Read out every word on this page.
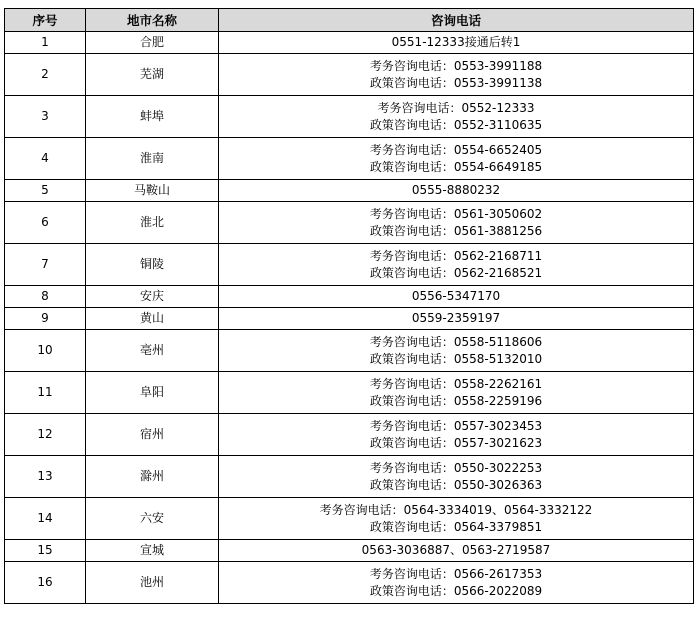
序号	地市名称	咨询电话
1	合肥	0551-12333接通后转1

2	芜湖	考务咨询电话：0553-3991188
政策咨询电话：0553-3991138

3	蚌埠	考务咨询电话：0552-12333
政策咨询电话：0552-3110635

4	淮南	考务咨询电话：0554-6652405
政策咨询电话：0554-6649185

5	马鞍山	0555-8880232

6	淮北	考务咨询电话：0561-3050602
政策咨询电话：0561-3881256

7	铜陵	考务咨询电话：0562-2168711
政策咨询电话：0562-2168521

8	安庆	0556-5347170

9	黄山	0559-2359197

10	亳州	考务咨询电话：0558-5118606
政策咨询电话：0558-5132010

11	阜阳	考务咨询电话：0558-2262161
政策咨询电话：0558-2259196

12	宿州	考务咨询电话：0557-3023453
政策咨询电话：0557-3021623

13	滁州	考务咨询电话：0550-3022253
政策咨询电话：0550-3026363

14	六安	考务咨询电话：0564-3334019、0564-3332122
政策咨询电话：0564-3379851

15	宣城	0563-3036887、0563-2719587

16	池州	考务咨询电话：0566-2617353
政策咨询电话：0566-2022089
